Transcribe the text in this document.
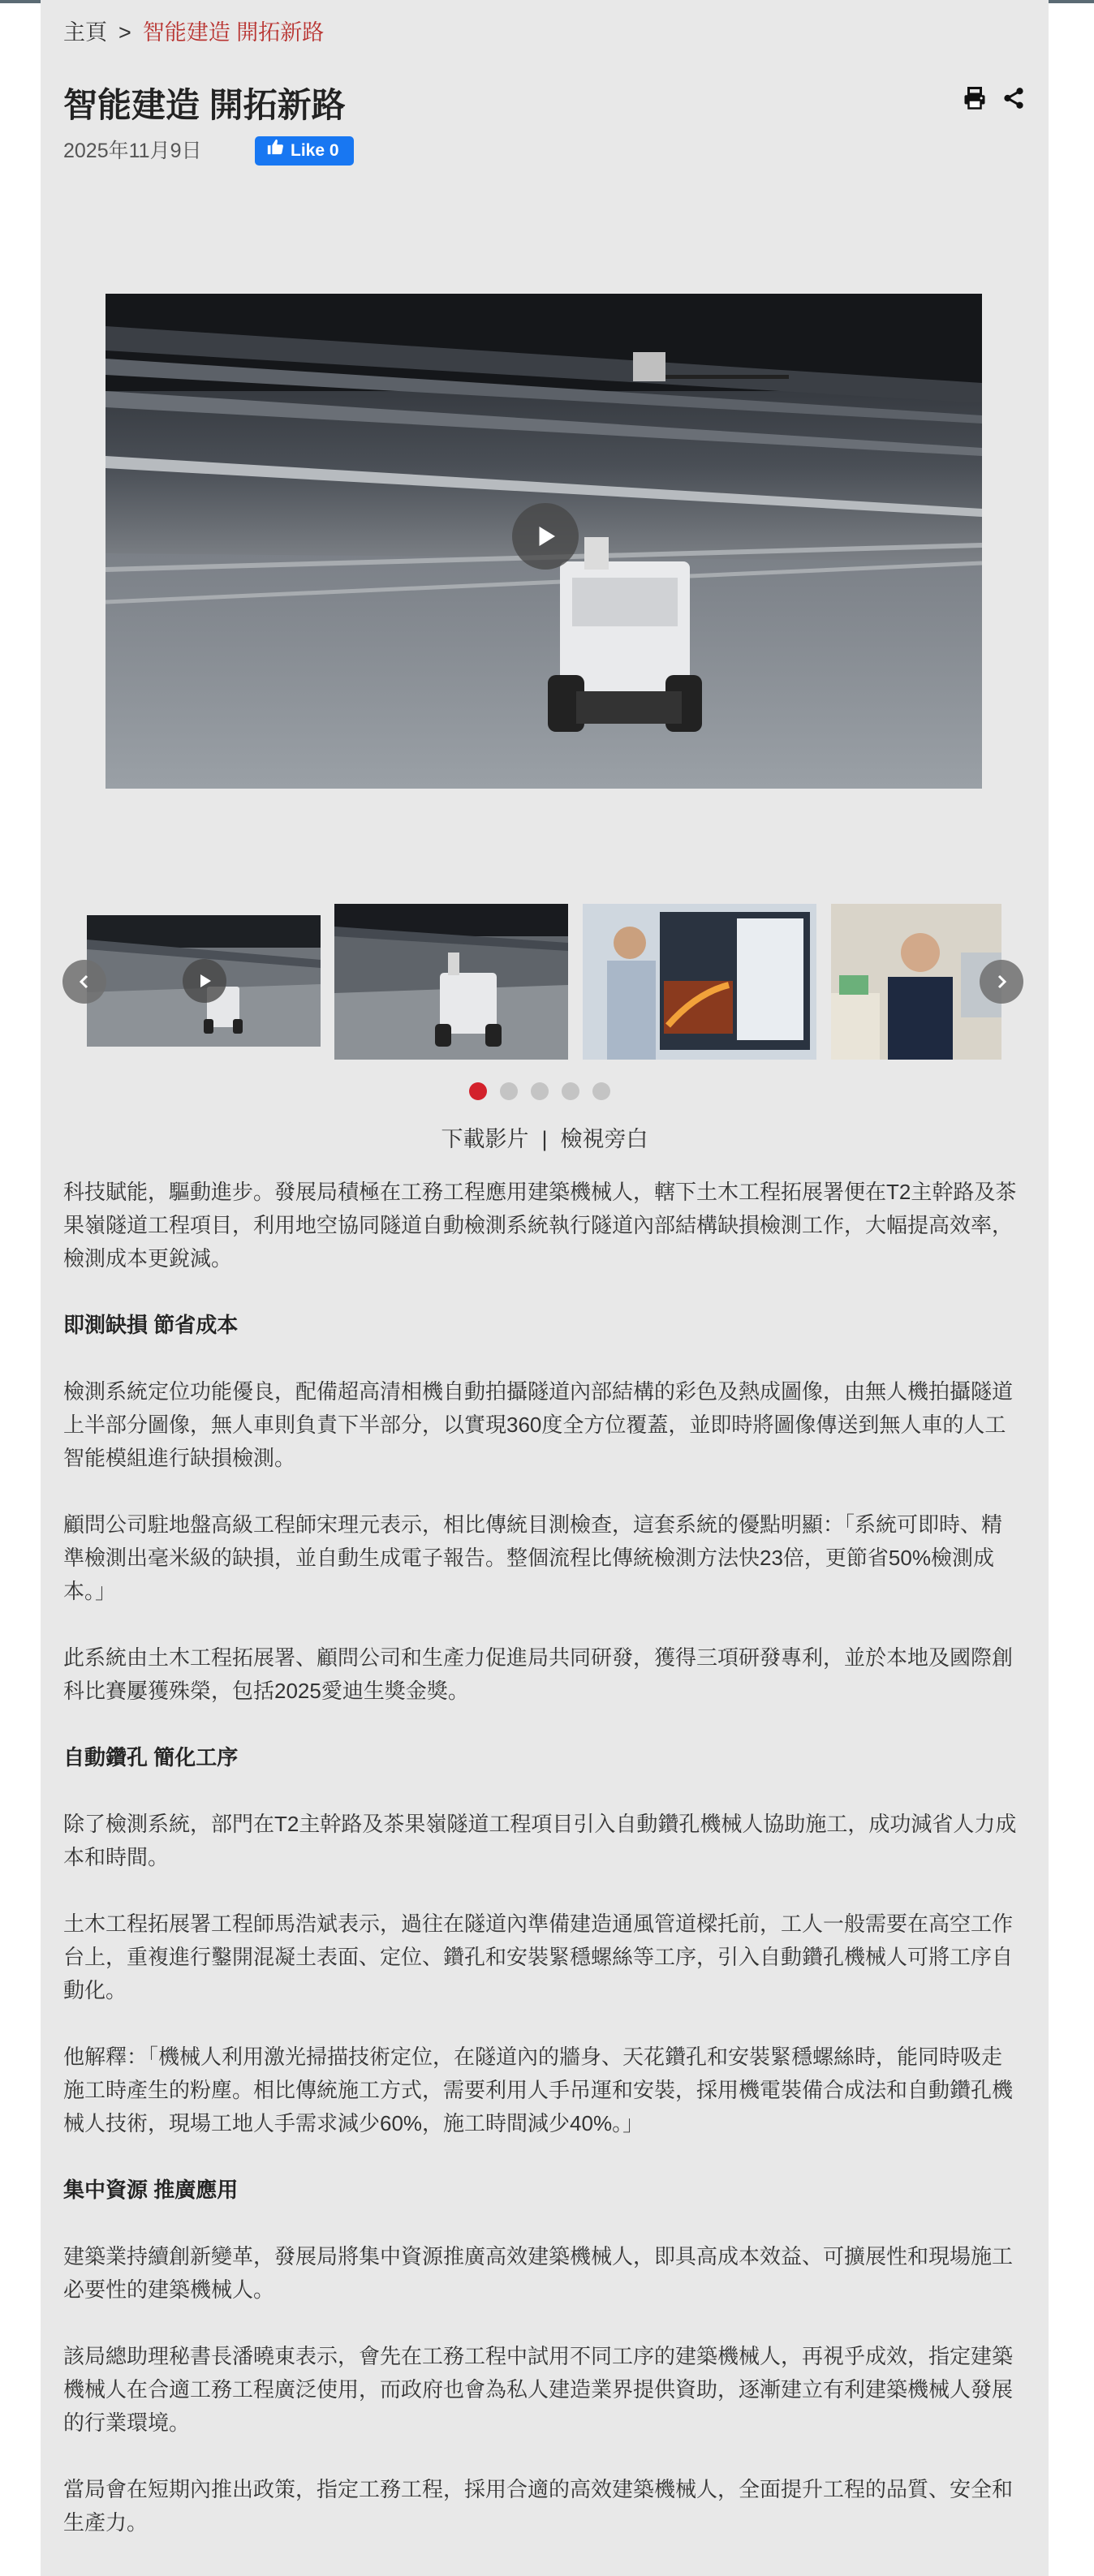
主頁 > 智能建造 開拓新路
智能建造 開拓新路
2025年11月9日	Like 0
下載影片 | 檢視旁白

科技賦能，驅動進步。發展局積極在工務工程應用建築機械人，轄下土木工程拓展署便在T2主幹路及茶果嶺隧道工程項目，利用地空協同隧道自動檢測系統執行隧道內部結構缺損檢測工作，大幅提高效率，檢測成本更銳減。

即測缺損 節省成本

檢測系統定位功能優良，配備超高清相機自動拍攝隧道內部結構的彩色及熱成圖像，由無人機拍攝隧道上半部分圖像，無人車則負責下半部分，以實現360度全方位覆蓋，並即時將圖像傳送到無人車的人工智能模組進行缺損檢測。

顧問公司駐地盤高級工程師宋理元表示，相比傳統目測檢查，這套系統的優點明顯：「系統可即時、精準檢測出毫米級的缺損，並自動生成電子報告。整個流程比傳統檢測方法快23倍，更節省50%檢測成本。」

此系統由土木工程拓展署、顧問公司和生產力促進局共同研發，獲得三項研發專利，並於本地及國際創科比賽屢獲殊榮，包括2025愛迪生獎金獎。

自動鑽孔 簡化工序

除了檢測系統，部門在T2主幹路及茶果嶺隧道工程項目引入自動鑽孔機械人協助施工，成功減省人力成本和時間。

土木工程拓展署工程師馬浩斌表示，過往在隧道內準備建造通風管道樑托前，工人一般需要在高空工作台上，重複進行鑿開混凝土表面、定位、鑽孔和安裝緊穩螺絲等工序，引入自動鑽孔機械人可將工序自動化。

他解釋：「機械人利用激光掃描技術定位，在隧道內的牆身、天花鑽孔和安裝緊穩螺絲時，能同時吸走施工時產生的粉塵。相比傳統施工方式，需要利用人手吊運和安裝，採用機電裝備合成法和自動鑽孔機械人技術，現場工地人手需求減少60%，施工時間減少40%。」

集中資源 推廣應用

建築業持續創新變革，發展局將集中資源推廣高效建築機械人，即具高成本效益、可擴展性和現場施工必要性的建築機械人。

該局總助理秘書長潘曉東表示，會先在工務工程中試用不同工序的建築機械人，再視乎成效，指定建築機械人在合適工務工程廣泛使用，而政府也會為私人建造業界提供資助，逐漸建立有利建築機械人發展的行業環境。

當局會在短期內推出政策，指定工務工程，採用合適的高效建築機械人，全面提升工程的品質、安全和生產力。
